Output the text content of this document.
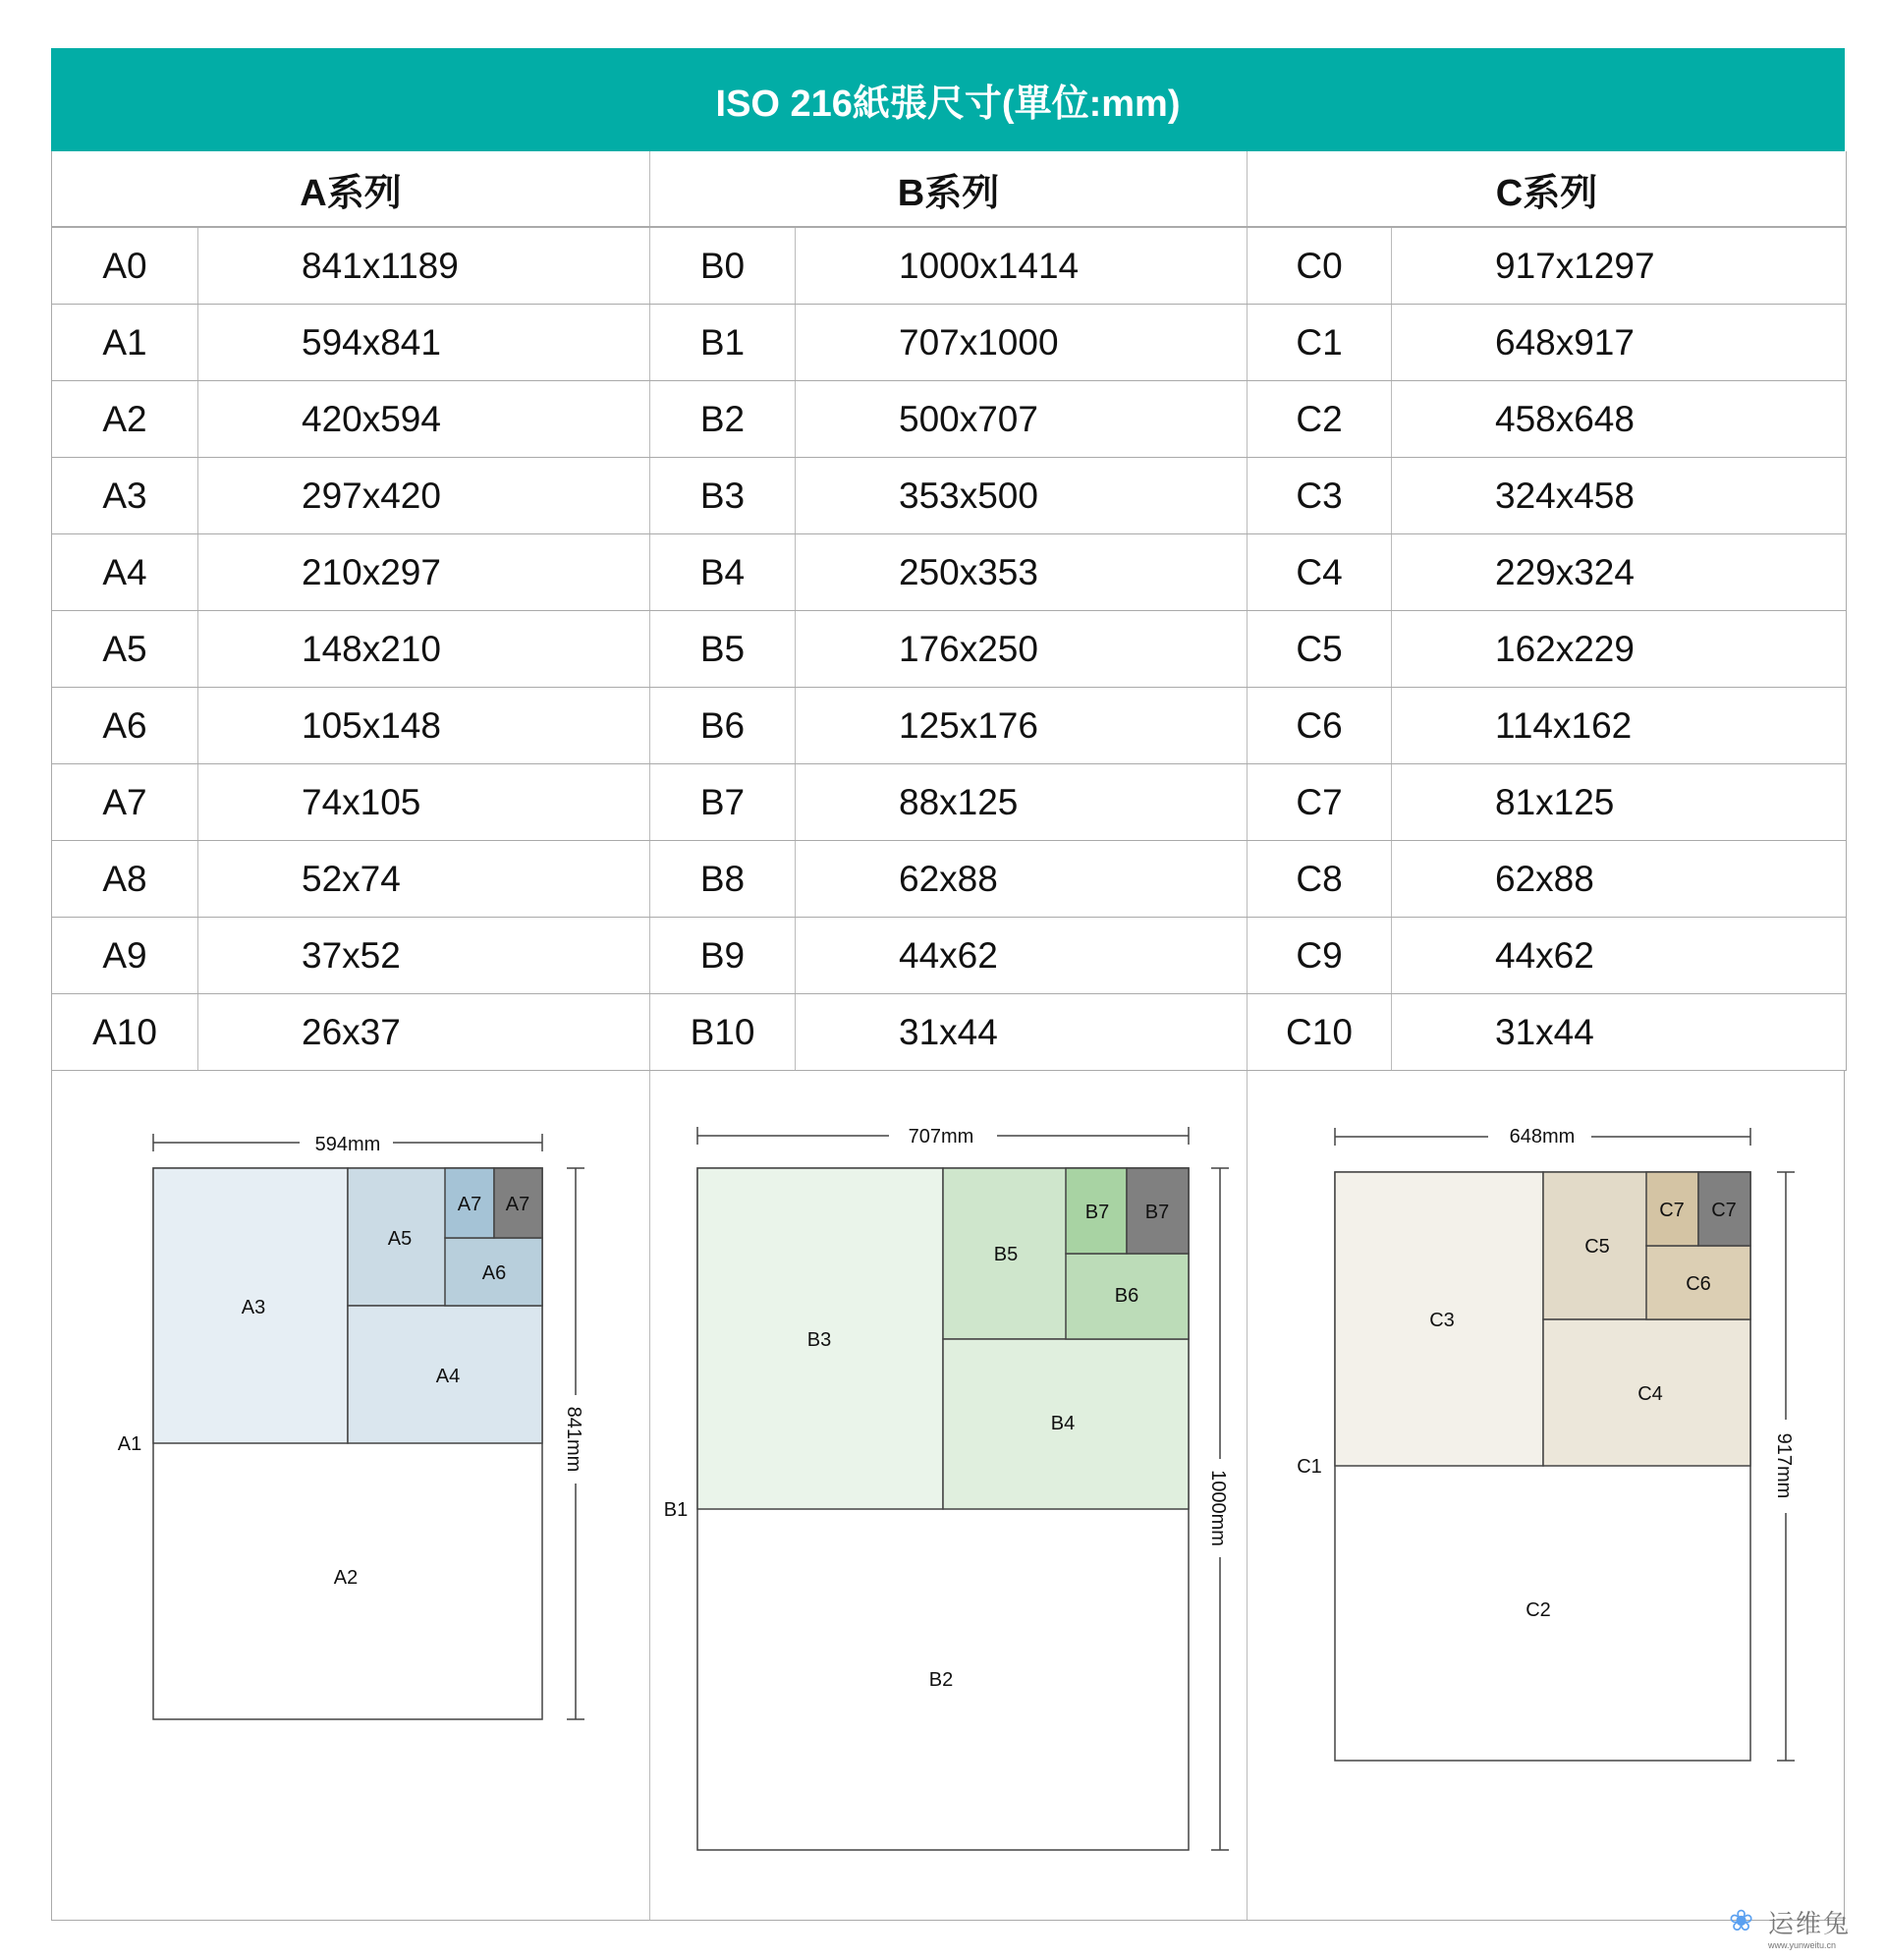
ISO 216紙張尺寸(單位:mm)
A系列	B系列	C系列
A0	841x1189	B0	1000x1414	C0	917x1297
A1	594x841	B1	707x1000	C1	648x917
A2	420x594	B2	500x707	C2	458x648
A3	297x420	B3	353x500	C3	324x458
A4	210x297	B4	250x353	C4	229x324
A5	148x210	B5	176x250	C5	162x229
A6	105x148	B6	125x176	C6	114x162
A7	74x105	B7	88x125	C7	81x125
A8	52x74	B8	62x88	C8	62x88
A9	37x52	B9	44x62	C9	44x62
A10	26x37	B10	31x44	C10	31x44
594mm
841mm
A1
A2
A3
A4
A5
A6
A7 A7
707mm
1000mm
B1
B2
B3
B4
B5
B6
B7 B7
648mm
917mm
C1
C2
C3
C4
C5
C6
C7 C7
❀ 运维兔
www.yunweitu.cn
